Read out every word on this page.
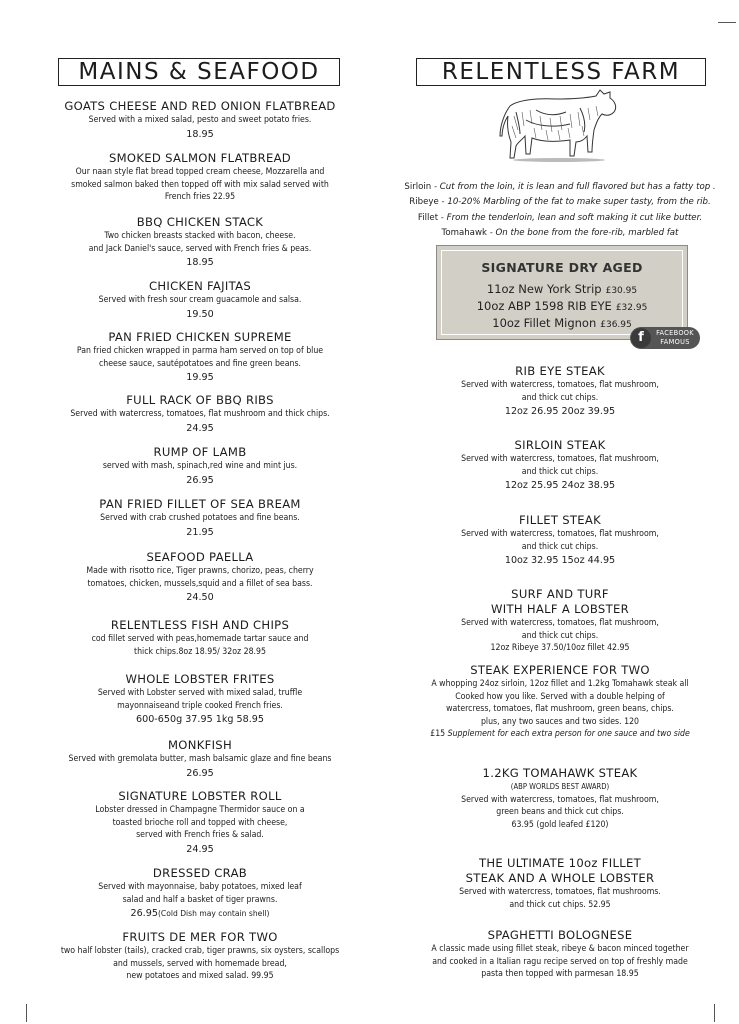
MAINS & SEAFOOD
GOATS CHEESE AND RED ONION FLATBREAD
Served with a mixed salad, pesto and sweet potato fries.
18.95
SMOKED SALMON FLATBREAD
Our naan style flat bread topped cream cheese, Mozzarella and
smoked salmon baked then topped off with mix salad served with
French fries 22.95
BBQ CHICKEN STACK
Two chicken breasts stacked with bacon, cheese.
and Jack Daniel's sauce, served with French fries & peas.
18.95
CHICKEN FAJITAS
Served with fresh sour cream guacamole and salsa.
19.50
PAN FRIED CHICKEN SUPREME
Pan fried chicken wrapped in parma ham served on top of blue
cheese sauce, sautépotatoes and fine green beans.
19.95
FULL RACK OF BBQ RIBS
Served with watercress, tomatoes, flat mushroom and thick chips.
24.95
RUMP OF LAMB
served with mash, spinach,red wine and mint jus.
26.95
PAN FRIED FILLET OF SEA BREAM
Served with crab crushed potatoes and fine beans.
21.95
SEAFOOD PAELLA
Made with risotto rice, Tiger prawns, chorizo, peas, cherry
tomatoes, chicken, mussels,squid and a fillet of sea bass.
24.50
RELENTLESS FISH AND CHIPS
cod fillet served with peas,homemade tartar sauce and
thick chips.8oz 18.95/ 32oz 28.95
WHOLE LOBSTER FRITES
Served with Lobster served with mixed salad, truffle
mayonnaiseand triple cooked French fries.
600-650g 37.95 1kg 58.95
MONKFISH
Served with gremolata butter, mash balsamic glaze and fine beans
26.95
SIGNATURE LOBSTER ROLL
Lobster dressed in Champagne Thermidor sauce on a
toasted brioche roll and topped with cheese,
served with French fries & salad.
24.95
DRESSED CRAB
Served with mayonnaise, baby potatoes, mixed leaf
salad and half a basket of tiger prawns.
26.95(Cold Dish may contain shell)
FRUITS DE MER FOR TWO
two half lobster (tails), cracked crab, tiger prawns, six oysters, scallops
and mussels, served with homemade bread,
new potatoes and mixed salad. 99.95
RELENTLESS FARM
Sirloin - Cut from the loin, it is lean and full flavored but has a fatty top .
Ribeye - 10-20% Marbling of the fat to make super tasty, from the rib.
Fillet - From the tenderloin, lean and soft making it cut like butter.
Tomahawk - On the bone from the fore-rib, marbled fat
SIGNATURE DRY AGED
11oz New York Strip £30.95
10oz ABP 1598 RIB EYE £32.95
10oz Fillet Mignon £36.95
f	FACEBOOK
FAMOUS
RIB EYE STEAK
Served with watercress, tomatoes, flat mushroom,
and thick cut chips.
12oz 26.95 20oz 39.95
SIRLOIN STEAK
Served with watercress, tomatoes, flat mushroom,
and thick cut chips.
12oz 25.95 24oz 38.95
FILLET STEAK
Served with watercress, tomatoes, flat mushroom,
and thick cut chips.
10oz 32.95 15oz 44.95
SURF AND TURF
WITH HALF A LOBSTER
Served with watercress, tomatoes, flat mushroom,
and thick cut chips.
12oz Ribeye 37.50/10oz fillet 42.95
STEAK EXPERIENCE FOR TWO
A whopping 24oz sirloin, 12oz fillet and 1.2kg Tomahawk steak all
Cooked how you like. Served with a double helping of
watercress, tomatoes, flat mushroom, green beans, chips.
plus, any two sauces and two sides. 120
£15 Supplement for each extra person for one sauce and two side
1.2KG TOMAHAWK STEAK
(ABP WORLDS BEST AWARD)
Served with watercress, tomatoes, flat mushroom,
green beans and thick cut chips.
63.95 (gold leafed £120)
THE ULTIMATE 10oz FILLET
STEAK AND A WHOLE LOBSTER
Served with watercress, tomatoes, flat mushrooms.
and thick cut chips. 52.95
SPAGHETTI BOLOGNESE
A classic made using fillet steak, ribeye & bacon minced together
and cooked in a Italian ragu recipe served on top of freshly made
pasta then topped with parmesan 18.95
